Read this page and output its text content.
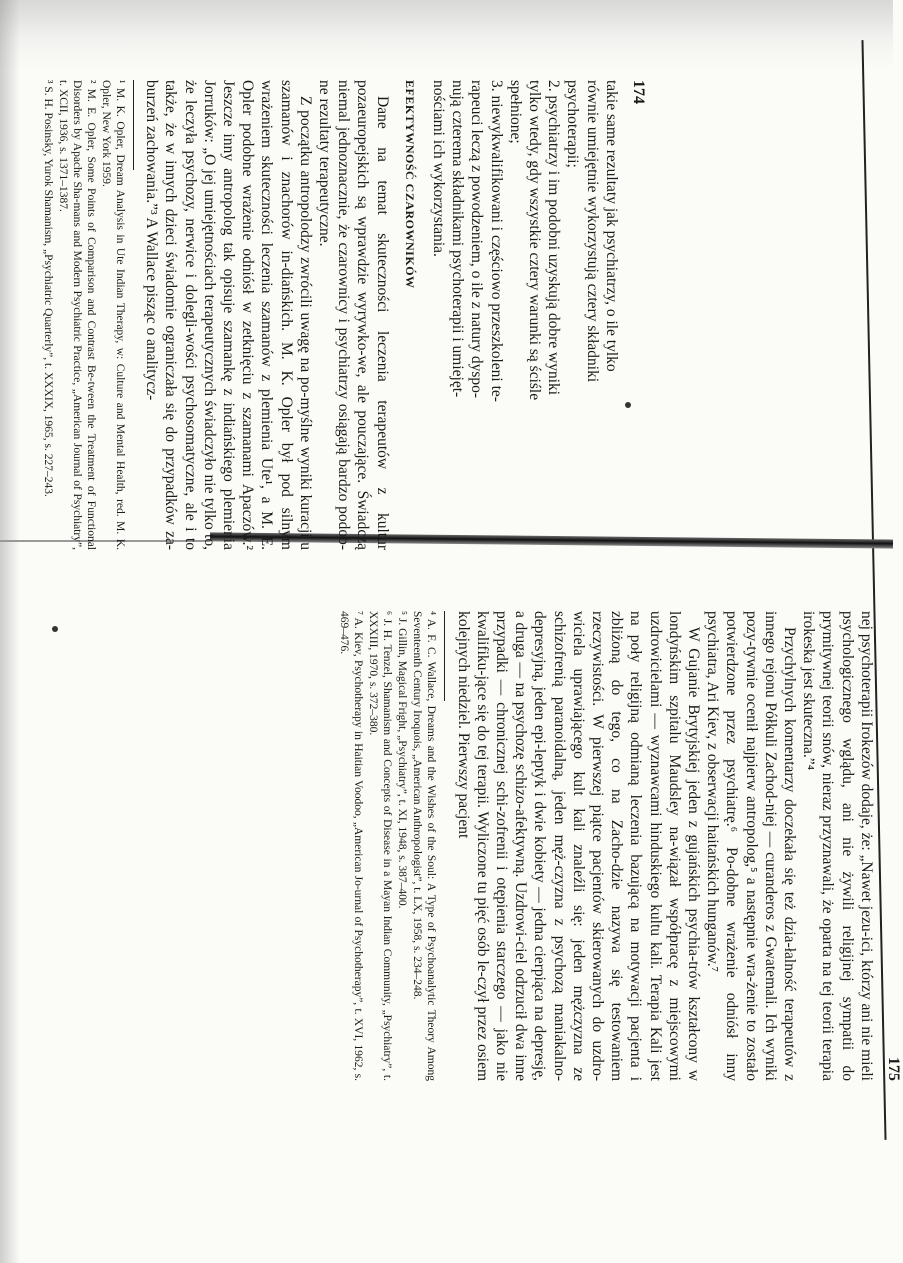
174
takie same rezultaty jak psychiatrzy, o ile tylko
równie umiejętnie wykorzystują cztery składniki
psychoterapii;
2. psychiatrzy i im podobni uzyskują dobre wyniki
tylko wtedy, gdy wszystkie cztery warunki są ściśle
spełnione;
3. niewykwalifikowani i częściowo przeszkoleni te-
rapeuci leczą z powodzeniem, o ile z natury dyspo-
nują czterema składnikami psychoterapii i umiejęt-
nościami ich wykorzystania.
EFEKTYWNOŚĆ CZAROWNIKÓW

Dane na temat skuteczności leczenia terapeutów z kultur pozaeuropejskich są wprawdzie wyrywko-we, ale pouczające. Świadczą niemal jednoznacznie, że czarownicy i psychiatrzy osiągają bardzo podob-ne rezultaty terapeutyczne.

Z początku antropolodzy zwrócili uwagę na po-myślne wyniki kuracji u szamanów i znachorów in-diańskich. M. K. Opler był pod silnym wrażeniem skuteczności leczenia szamanów z plemienia Ute¹, a M. E. Opler podobne wrażenie odniósł w zetknięciu z szamanami Apaczów.² Jeszcze inny antropolog tak opisuje szamankę z indiańskiego plemienia Jorruków: „O jej umiejętnościach terapeutycznych świadczyło nie tylko to, że leczyła psychozy, nerwice i dolegli-wości psychosomatyczne, ale i to także, że w innych dzieci świadomie ograniczała się do przypadków za-burzeń zachowania.”³ A Wallace pisząc o analitycz-

¹ M. K. Opler, Dream Analysis in Ute Indian Therapy, w: Culture and Mental Health, red. M. K. Opler, New York 1959.

² M. E. Opler, Some Points of Comparison and Contrast Be-tween the Treatment of Functional Disorders by Apache Sha-mans and Modern Psychiatric Practice, „American Journal of Psychiatry”, t. XCII, 1936, s. 1371–1387.

³ S. H. Posinsky, Yurok Shamanism, „Psychiatric Quarterly”, t. XXXIX, 1965, s. 227–243.

175

nej psychoterapii Irokezów dodaje, że: „Nawet jezu-ici, którzy ani nie mieli psychologicznego wglądu, ani nie żywili religijnej sympatii do prymitywnej teorii snów, nieraz przyznawali, że oparta na tej teorii terapia irokeska jest skuteczna.”⁴

Przychylnych komentarzy doczekała się też dzia-łalność terapeutów z innego rejonu Półkuli Zachod-niej — curanderos z Gwatemali. Ich wyniki pozy-tywnie ocenił najpierw antropolog,⁵ a następnie wra-żenie to zostało potwierdzone przez psychiatrę.⁶ Po-dobne wrażenie odniósł inny psychiatra, Ari Kiev, z obserwacji haitańskich hunganów.⁷

W Gujanie Brytyjskiej jeden z gujańskich psychia-trów kształcony w londyńskim szpitalu Maudsley na-wiązał współpracę z miejscowymi uzdrowicielami — wyznawcami hinduskiego kultu kali. Terapia Kali jest na poły religijną odmianą leczenia bazującą na motywacji pacjenta i zbliżoną do tego, co na Zacho-dzie nazywa się testowaniem rzeczywistości. W pierwszej piątce pacjentów skierowanych do uzdro-wiciela uprawiającego kult kali znaleźli się: jeden mężczyzna ze schizofrenią paranoidalną, jeden męż-czyzna z psychozą maniakalno-depresyjną, jeden epi-leptyk i dwie kobiety — jedna cierpiąca na depresję, a druga — na psychozę schizo-afektywną. Uzdrowi-ciel odrzucił dwa inne przypadki — chronicznej schi-zofrenii i otępienia starczego — jako nie kwalifiku-jące się do tej terapii. Wyliczone tu pięć osób le-czył przez osiem kolejnych niedziel. Pierwszy pacjent

⁴ A. F. C. Wallace, Dreams and the Wishes of the Soul: A Type of Psychoanalytic Theory Among Seventeenth Century Iroquois, „American Anthropologist”, t. LX, 1958, s. 234–248.

⁵ J. Gillin, Magical Fright, „Psychiatry”, t. XI, 1948, s. 387–400.

⁶ J. H. Tenzel, Shamanism and Concepts of Disease in a Mayan Indian Community, „Psychiatry”, t. XXXIII, 1970, s. 372–380.

⁷ A. Kiev, Psychotherapy in Haitian Voodoo, „American Jo-urnal of Psychotherapy”, t. XVI, 1962, s. 469–476.
